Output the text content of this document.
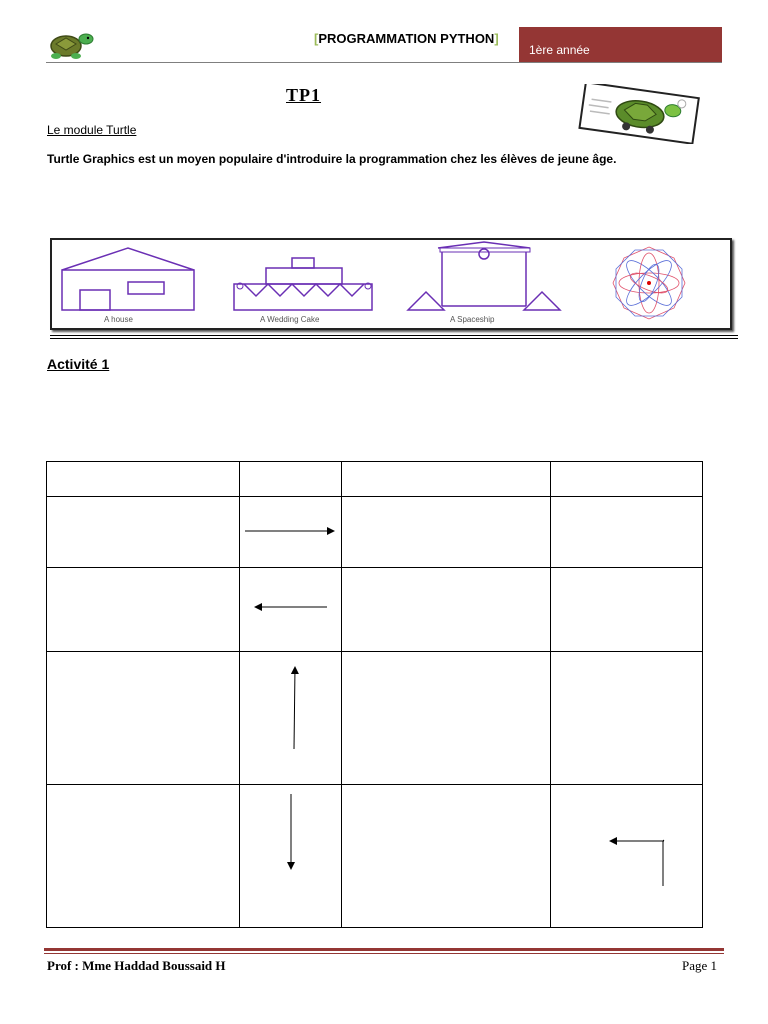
[PROGRAMMATION PYTHON]
1ère année
TP1
Le module Turtle
Turtle Graphics est un moyen populaire d'introduire la programmation chez les élèves de jeune âge.
A house	A Wedding Cake	A Spaceship
Activité 1
Prof : Mme Haddad Boussaid H	Page 1
